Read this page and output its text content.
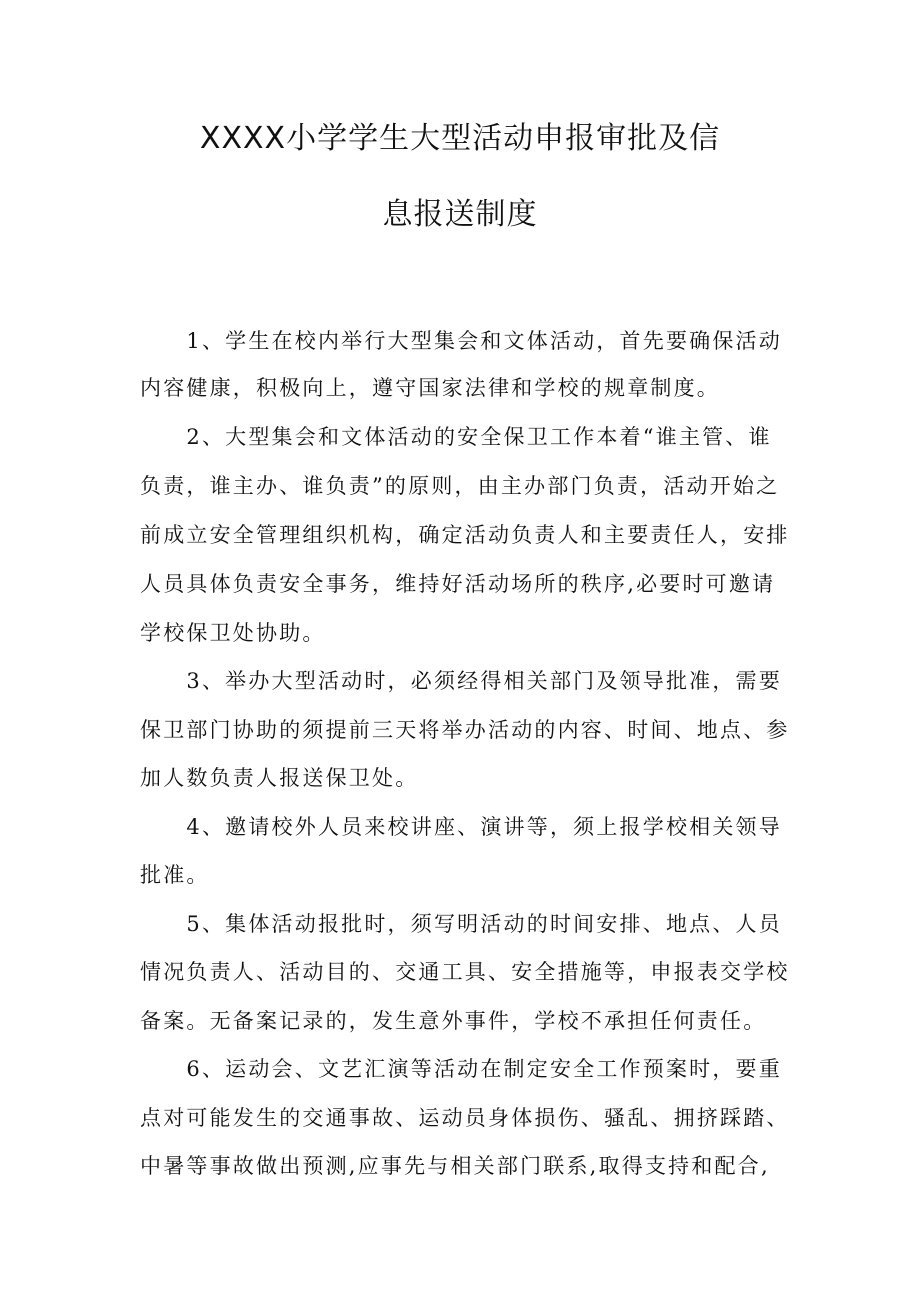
XXXX小学学生大型活动申报审批及信
息报送制度
　　1、学生在校内举行大型集会和文体活动，首先要确保活动
内容健康，积极向上，遵守国家法律和学校的规章制度。
　　2、大型集会和文体活动的安全保卫工作本着“谁主管、谁
负责，谁主办、谁负责”的原则，由主办部门负责，活动开始之
前成立安全管理组织机构，确定活动负责人和主要责任人，安排
人员具体负责安全事务，维持好活动场所的秩序,必要时可邀请
学校保卫处协助。
　　3、举办大型活动时，必须经得相关部门及领导批准，需要
保卫部门协助的须提前三天将举办活动的内容、时间、地点、参
加人数负责人报送保卫处。
　　4、邀请校外人员来校讲座、演讲等，须上报学校相关领导
批准。
　　5、集体活动报批时，须写明活动的时间安排、地点、人员
情况负责人、活动目的、交通工具、安全措施等，申报表交学校
备案。无备案记录的，发生意外事件，学校不承担任何责任。
　　6、运动会、文艺汇演等活动在制定安全工作预案时，要重
点对可能发生的交通事故、运动员身体损伤、骚乱、拥挤踩踏、
中暑等事故做出预测,应事先与相关部门联系,取得支持和配合,
